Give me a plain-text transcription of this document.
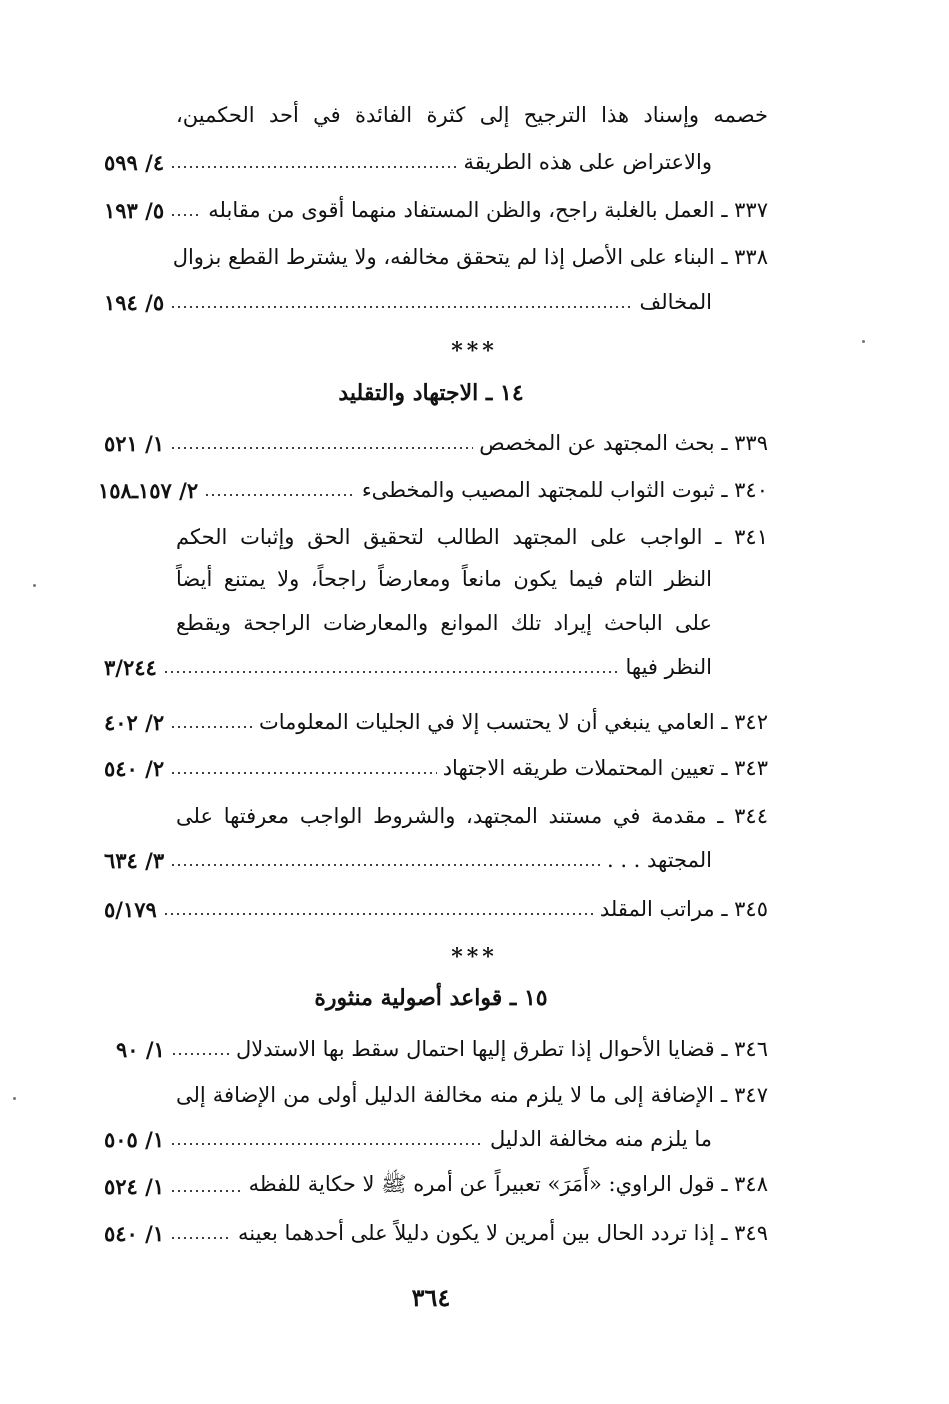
خصمه وإسناد هذا الترجيح إلى كثرة الفائدة في أحد الحكمين،
والاعتراض على هذه الطريقة
٤/ ٥٩٩
٣٣٧ ـ العمل بالغلبة راجح، والظن المستفاد منهما أقوى من مقابله
٥/ ١٩٣
٣٣٨ ـ البناء على الأصل إذا لم يتحقق مخالفه، ولا يشترط القطع بزوال
المخالف
٥/ ١٩٤
***
١٤ ـ الاجتهاد والتقليد
٣٣٩ ـ بحث المجتهد عن المخصص
١/ ٥٢١
٣٤٠ ـ ثبوت الثواب للمجتهد المصيب والمخطىء
٢/ ١٥٧ـ١٥٨
٣٤١ ـ الواجب على المجتهد الطالب لتحقيق الحق وإثبات الحكم
النظر التام فيما يكون مانعاً ومعارضاً راجحاً، ولا يمتنع أيضاً
على الباحث إيراد تلك الموانع والمعارضات الراجحة ويقطع
النظر فيها
٣/٢٤٤
٣٤٢ ـ العامي ينبغي أن لا يحتسب إلا في الجليات المعلومات
٢/ ٤٠٢
٣٤٣ ـ تعيين المحتملات طريقه الاجتهاد
٢/ ٥٤٠
٣٤٤ ـ مقدمة في مستند المجتهد، والشروط الواجب معرفتها على
المجتهد . . .
٣/ ٦٣٤
٣٤٥ ـ مراتب المقلد
٥/١٧٩
***
١٥ ـ قواعد أصولية منثورة
٣٤٦ ـ قضايا الأحوال إذا تطرق إليها احتمال سقط بها الاستدلال
١/ ٩٠
٣٤٧ ـ الإضافة إلى ما لا يلزم منه مخالفة الدليل أولى من الإضافة إلى
ما يلزم منه مخالفة الدليل
١/ ٥٠٥
٣٤٨ ـ قول الراوي: «أَمَرَ» تعبيراً عن أمره ﷺ لا حكاية للفظه
١/ ٥٢٤
٣٤٩ ـ إذا تردد الحال بين أمرين لا يكون دليلاً على أحدهما بعينه
١/ ٥٤٠
٣٦٤
